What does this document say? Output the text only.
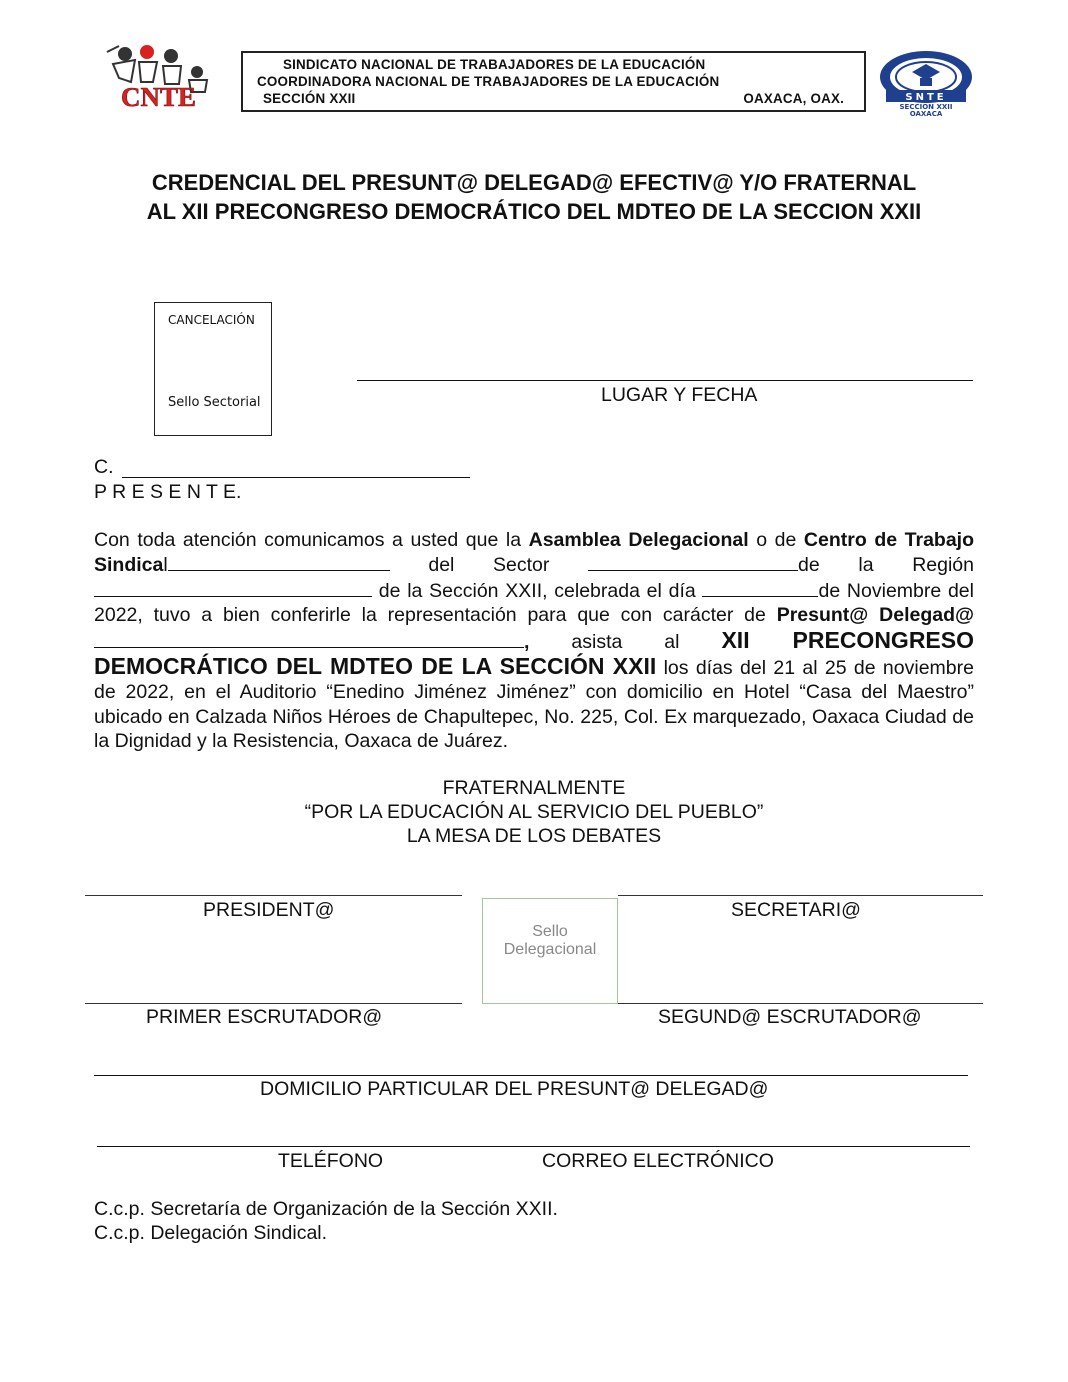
CNTE
SINDICATO NACIONAL DE TRABAJADORES DE LA EDUCACIÓN
COORDINADORA NACIONAL DE TRABAJADORES DE LA EDUCACIÓN
SECCIÓN XXII	OAXACA, OAX.	SNTE
SECCION XXII
OAXACA
CREDENCIAL DEL PRESUNT@ DELEGAD@ EFECTIV@ Y/O FRATERNAL
AL XII PRECONGRESO DEMOCRÁTICO DEL MDTEO DE LA SECCION XXII
CANCELACIÓN
Sello Sectorial	LUGAR Y FECHA
C.
P R E S E N T E.
Con toda atención comunicamos a usted que la Asamblea Delegacional o de Centro de Trabajo Sindical	del Sector	de la Región  de la Sección XXII, celebrada el día	de Noviembre del 2022, tuvo a bien conferirle la representación para que con carácter de Presunt@ Delegad@ , asista al XII PRECONGRESO DEMOCRÁTICO DEL MDTEO DE LA SECCIÓN XXII los días del 21 al 25 de noviembre de 2022, en el Auditorio “Enedino Jiménez Jiménez” con domicilio en Hotel “Casa del Maestro” ubicado en Calzada Niños Héroes de Chapultepec, No. 225, Col. Ex marquezado, Oaxaca Ciudad de la Dignidad y la Resistencia, Oaxaca de Juárez.
FRATERNALMENTE
“POR LA EDUCACIÓN AL SERVICIO DEL PUEBLO”
LA MESA DE LOS DEBATES
PRESIDENT@	SECRETARI@
Sello
Delegacional
PRIMER ESCRUTADOR@	SEGUND@ ESCRUTADOR@
DOMICILIO PARTICULAR DEL PRESUNT@ DELEGAD@
TELÉFONO	CORREO ELECTRÓNICO
C.c.p. Secretaría de Organización de la Sección XXII.
C.c.p. Delegación Sindical.
